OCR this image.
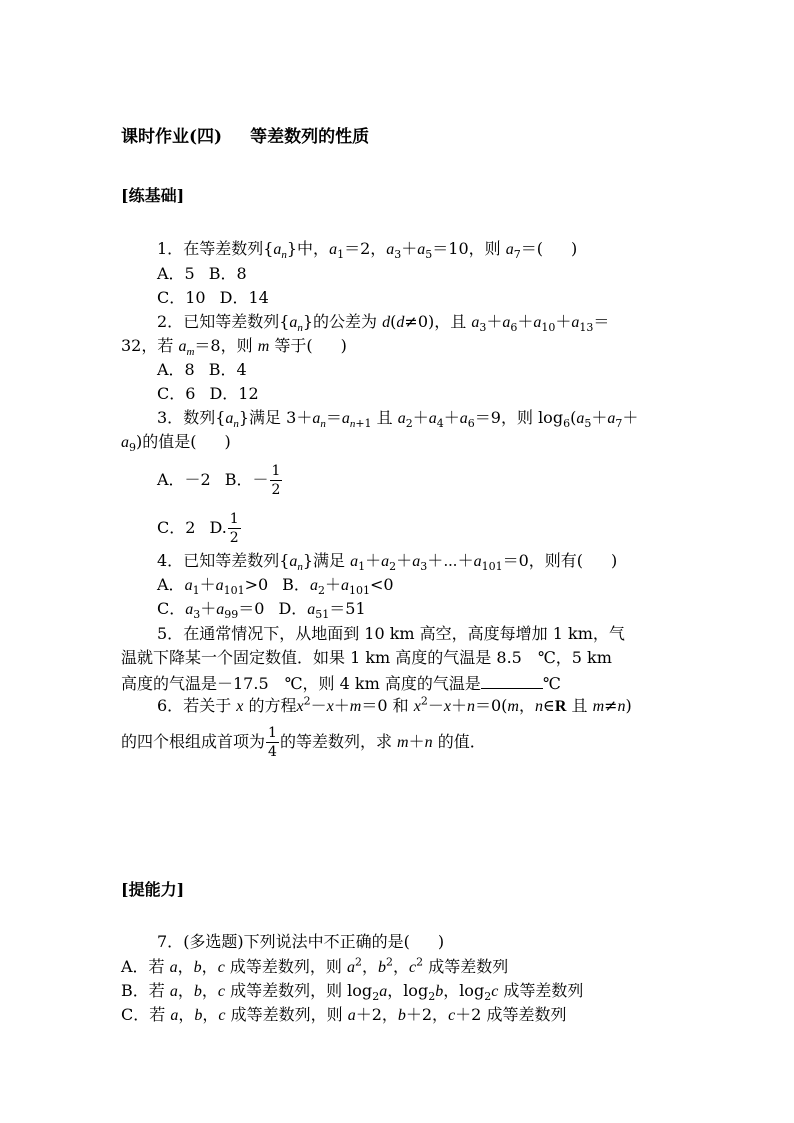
课时作业(四) 等差数列的性质
[练基础]
1．在等差数列$\{a_n\}$中，$a_1=2$，$a_3+a_5=10$，则 $a_7=$( )
A．5 B．8
C．10 D．14
2．已知等差数列$\{a_n\}$的公差为 d(d≠0)，且 $a_3+a_6+a_{10}+a_{13}=$
32，若 $a_m=8$，则 m 等于( )
A．8 B．4
C．6 D．12
3．数列$\{a_n\}$满足 $3+a_n=a_{n+1}$ 且 $a_2+a_4+a_6=9$，则 $\log_6(a_5+a_7+$
$a_9$)的值是( )
A．－2 B．－ $\frac{1}{2}$
C．2 D. $\frac{1}{2}$
4．已知等差数列$\{a_n\}$满足 $a_1+a_2+a_3+\cdots+a_{101}=0$，则有( )
A．$a_1+a_{101}>0$ B．$a_2+a_{101}<0$
C．$a_3+a_{99}=0$ D．$a_{51}=51$
5．在通常情况下，从地面到 10 km 高空，高度每增加 1 km，气
温就下降某一个固定数值．如果 1 km 高度的气温是 8.5　℃，5 km
高度的气温是－17.5　℃，则 4 km 高度的气温是	℃
6．若关于 x 的方程$x^2-x+m=0$ 和 $x^2-x+n=0(m$，n∈R 且 m≠n)
的四个根组成首项为 $\frac{1}{4}$ 的等差数列，求 m＋n 的值．
[提能力]
7．(多选题)下列说法中不正确的是( )
A．若 a，b，c 成等差数列，则 $a^2$，$b^2$，$c^2$ 成等差数列
B．若 a，b，c 成等差数列，则 $\log_2a$，$\log_2b$，$\log_2c$ 成等差数列
C．若 a，b，c 成等差数列，则 a＋2，b＋2，c＋2 成等差数列
